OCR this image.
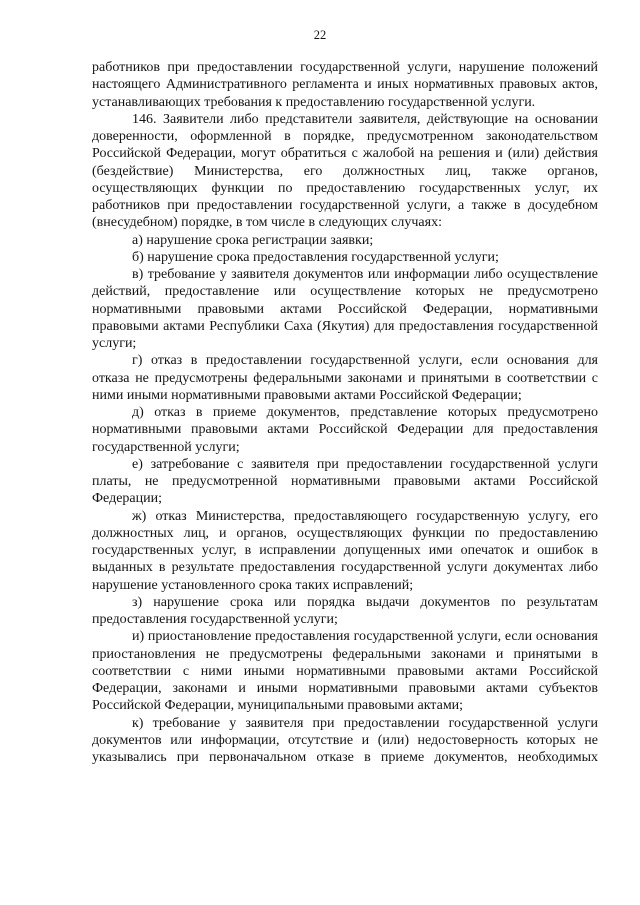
22

работников при предоставлении государственной услуги, нарушение положений настоящего Административного регламента и иных нормативных правовых актов, устанавливающих требования к предоставлению государственной услуги.

146. Заявители либо представители заявителя, действующие на основании доверенности, оформленной в порядке, предусмотренном законодательством Российской Федерации, могут обратиться с жалобой на решения и (или) действия (бездействие) Министерства, его должностных лиц, также органов, осуществляющих функции по предоставлению государственных услуг, их работников при предоставлении государственной услуги, а также в досудебном (внесудебном) порядке, в том числе в следующих случаях:

а) нарушение срока регистрации заявки;

б) нарушение срока предоставления государственной услуги;

в) требование у заявителя документов или информации либо осуществление действий, предоставление или осуществление которых не предусмотрено нормативными правовыми актами Российской Федерации, нормативными правовыми актами Республики Саха (Якутия) для предоставления государственной услуги;

г) отказ в предоставлении государственной услуги, если основания для отказа не предусмотрены федеральными законами и принятыми в соответствии с ними иными нормативными правовыми актами Российской Федерации;

д) отказ в приеме документов, представление которых предусмотрено нормативными правовыми актами Российской Федерации для предоставления государственной услуги;

е) затребование с заявителя при предоставлении государственной услуги платы, не предусмотренной нормативными правовыми актами Российской Федерации;

ж) отказ Министерства, предоставляющего государственную услугу, его должностных лиц, и органов, осуществляющих функции по предоставлению государственных услуг, в исправлении допущенных ими опечаток и ошибок в выданных в результате предоставления государственной услуги документах либо нарушение установленного срока таких исправлений;

з) нарушение срока или порядка выдачи документов по результатам предоставления государственной услуги;

и) приостановление предоставления государственной услуги, если основания приостановления не предусмотрены федеральными законами и принятыми в соответствии с ними иными нормативными правовыми актами Российской Федерации, законами и иными нормативными правовыми актами субъектов Российской Федерации, муниципальными правовыми актами;

к) требование у заявителя при предоставлении государственной услуги документов или информации, отсутствие и (или) недостоверность которых не указывались при первоначальном отказе в приеме документов, необходимых
